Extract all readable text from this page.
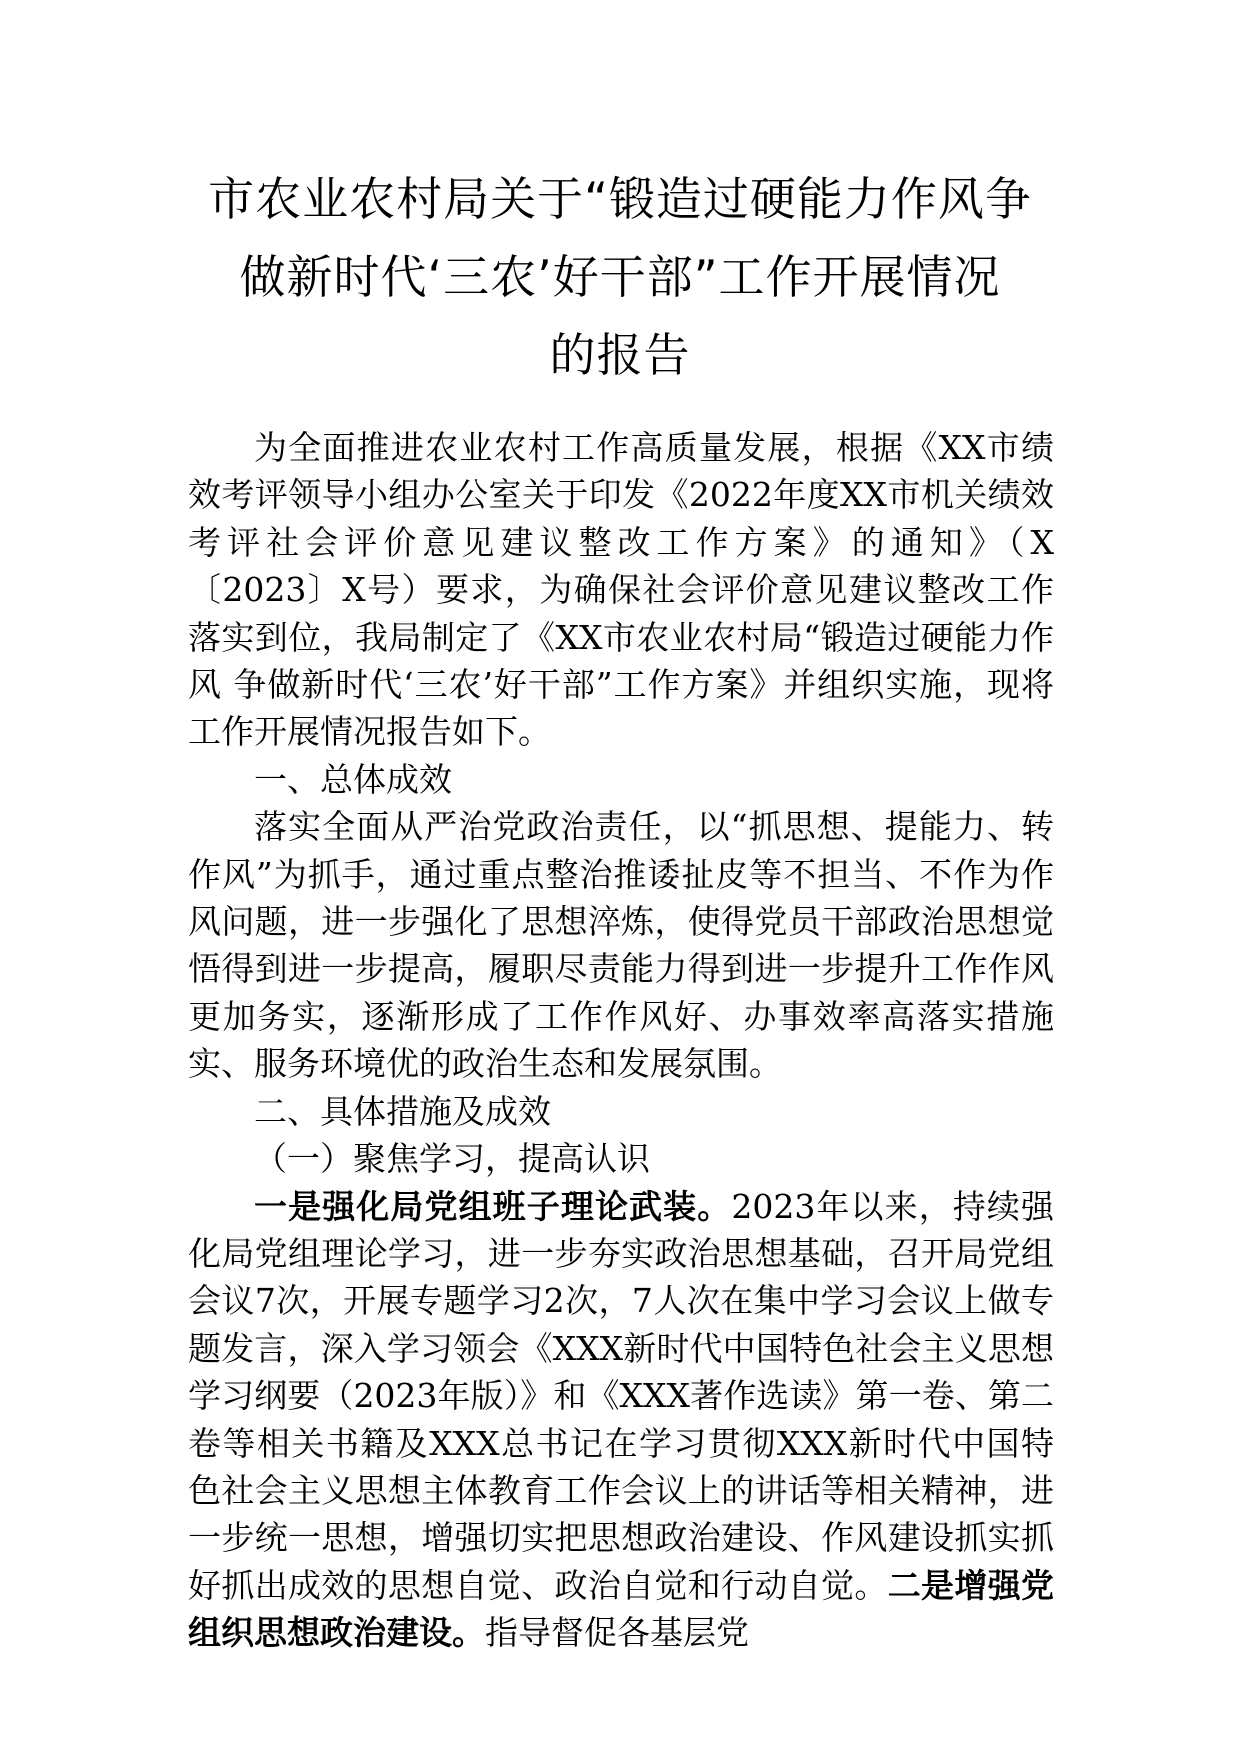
市农业农村局关于“锻造过硬能力作风争
做新时代‘三农’好干部”工作开展情况
的报告

为全面推进农业农村工作高质量发展，根据《XX市绩效考评领导小组办公室关于印发《2022年度XX市机关绩效考评社会评价意见建议整改工作方案》的通知》（X〔2023〕X号）要求，为确保社会评价意见建议整改工作落实到位，我局制定了《XX市农业农村局“锻造过硬能力作风 争做新时代‘三农’好干部”工作方案》并组织实施，现将工作开展情况报告如下。

一、总体成效

落实全面从严治党政治责任，以“抓思想、提能力、转作风”为抓手，通过重点整治推诿扯皮等不担当、不作为作风问题，进一步强化了思想淬炼，使得党员干部政治思想觉悟得到进一步提高，履职尽责能力得到进一步提升工作作风更加务实，逐渐形成了工作作风好、办事效率高落实措施实、服务环境优的政治生态和发展氛围。

二、具体措施及成效

（一）聚焦学习，提高认识

一是强化局党组班子理论武装。2023年以来，持续强化局党组理论学习，进一步夯实政治思想基础，召开局党组会议7次，开展专题学习2次，7人次在集中学习会议上做专题发言，深入学习领会《XXX新时代中国特色社会主义思想学习纲要（2023年版）》和《XXX著作选读》第一卷、第二卷等相关书籍及XXX总书记在学习贯彻XXX新时代中国特色社会主义思想主体教育工作会议上的讲话等相关精神，进一步统一思想，增强切实把思想政治建设、作风建设抓实抓好抓出成效的思想自觉、政治自觉和行动自觉。二是增强党组织思想政治建设。指导督促各基层党
